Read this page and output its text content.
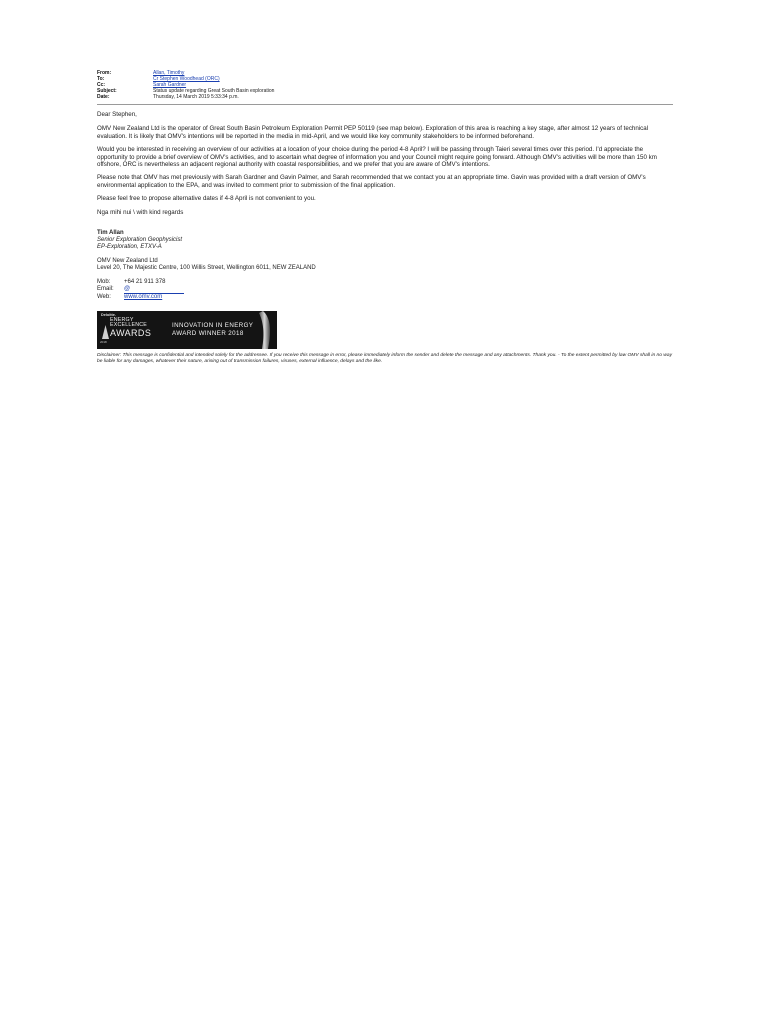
From:	Allan, Timothy
To:	Cr Stephen Woodhead (ORC)
Cc:	Sarah Gardner
Subject:	Status update regarding Great South Basin exploration
Date:	Thursday, 14 March 2019 5:33:34 p.m.

Dear Stephen,

OMV New Zealand Ltd is the operator of Great South Basin Petroleum Exploration Permit PEP 50119 (see map below). Exploration of this area is reaching a key stage, after almost 12 years of technical evaluation. It is likely that OMV's intentions will be reported in the media in mid-April, and we would like key community stakeholders to be informed beforehand.

Would you be interested in receiving an overview of our activities at a location of your choice during the period 4-8 April? I will be passing through Taieri several times over this period. I'd appreciate the opportunity to provide a brief overview of OMV's activities, and to ascertain what degree of information you and your Council might require going forward. Although OMV's activities will be more than 150 km offshore, ORC is nevertheless an adjacent regional authority with coastal responsibilities, and we prefer that you are aware of OMV's intentions.

Please note that OMV has met previously with Sarah Gardner and Gavin Palmer, and Sarah recommended that we contact you at an appropriate time. Gavin was provided with a draft version of OMV's environmental application to the EPA, and was invited to comment prior to submission of the final application.

Please feel free to propose alternative dates if 4-8 April is not convenient to you.

Nga mihi nui \ with kind regards

Tim Allan
Senior Exploration Geophysicist
EP-Exploration, ETXV-A
OMV New Zealand Ltd
Level 20, The Majestic Centre, 100 Willis Street, Wellington 6011, NEW ZEALAND
Mob:	+64 21 911 378
Email:	@
Web:	www.omv.com
Deloitte.
ENERGY
EXCELLENCE
AWARDS
2018
INNOVATION IN ENERGY
AWARD WINNER 2018
Disclaimer: This message is confidential and intended solely for the addressee. If you receive this message in error, please immediately inform the sender and delete the message and any attachments. Thank you. - To the extent permitted by law OMV shall in no way be liable for any damages, whatever their nature, arising out of transmission failures, viruses, external influence, delays and the like.
